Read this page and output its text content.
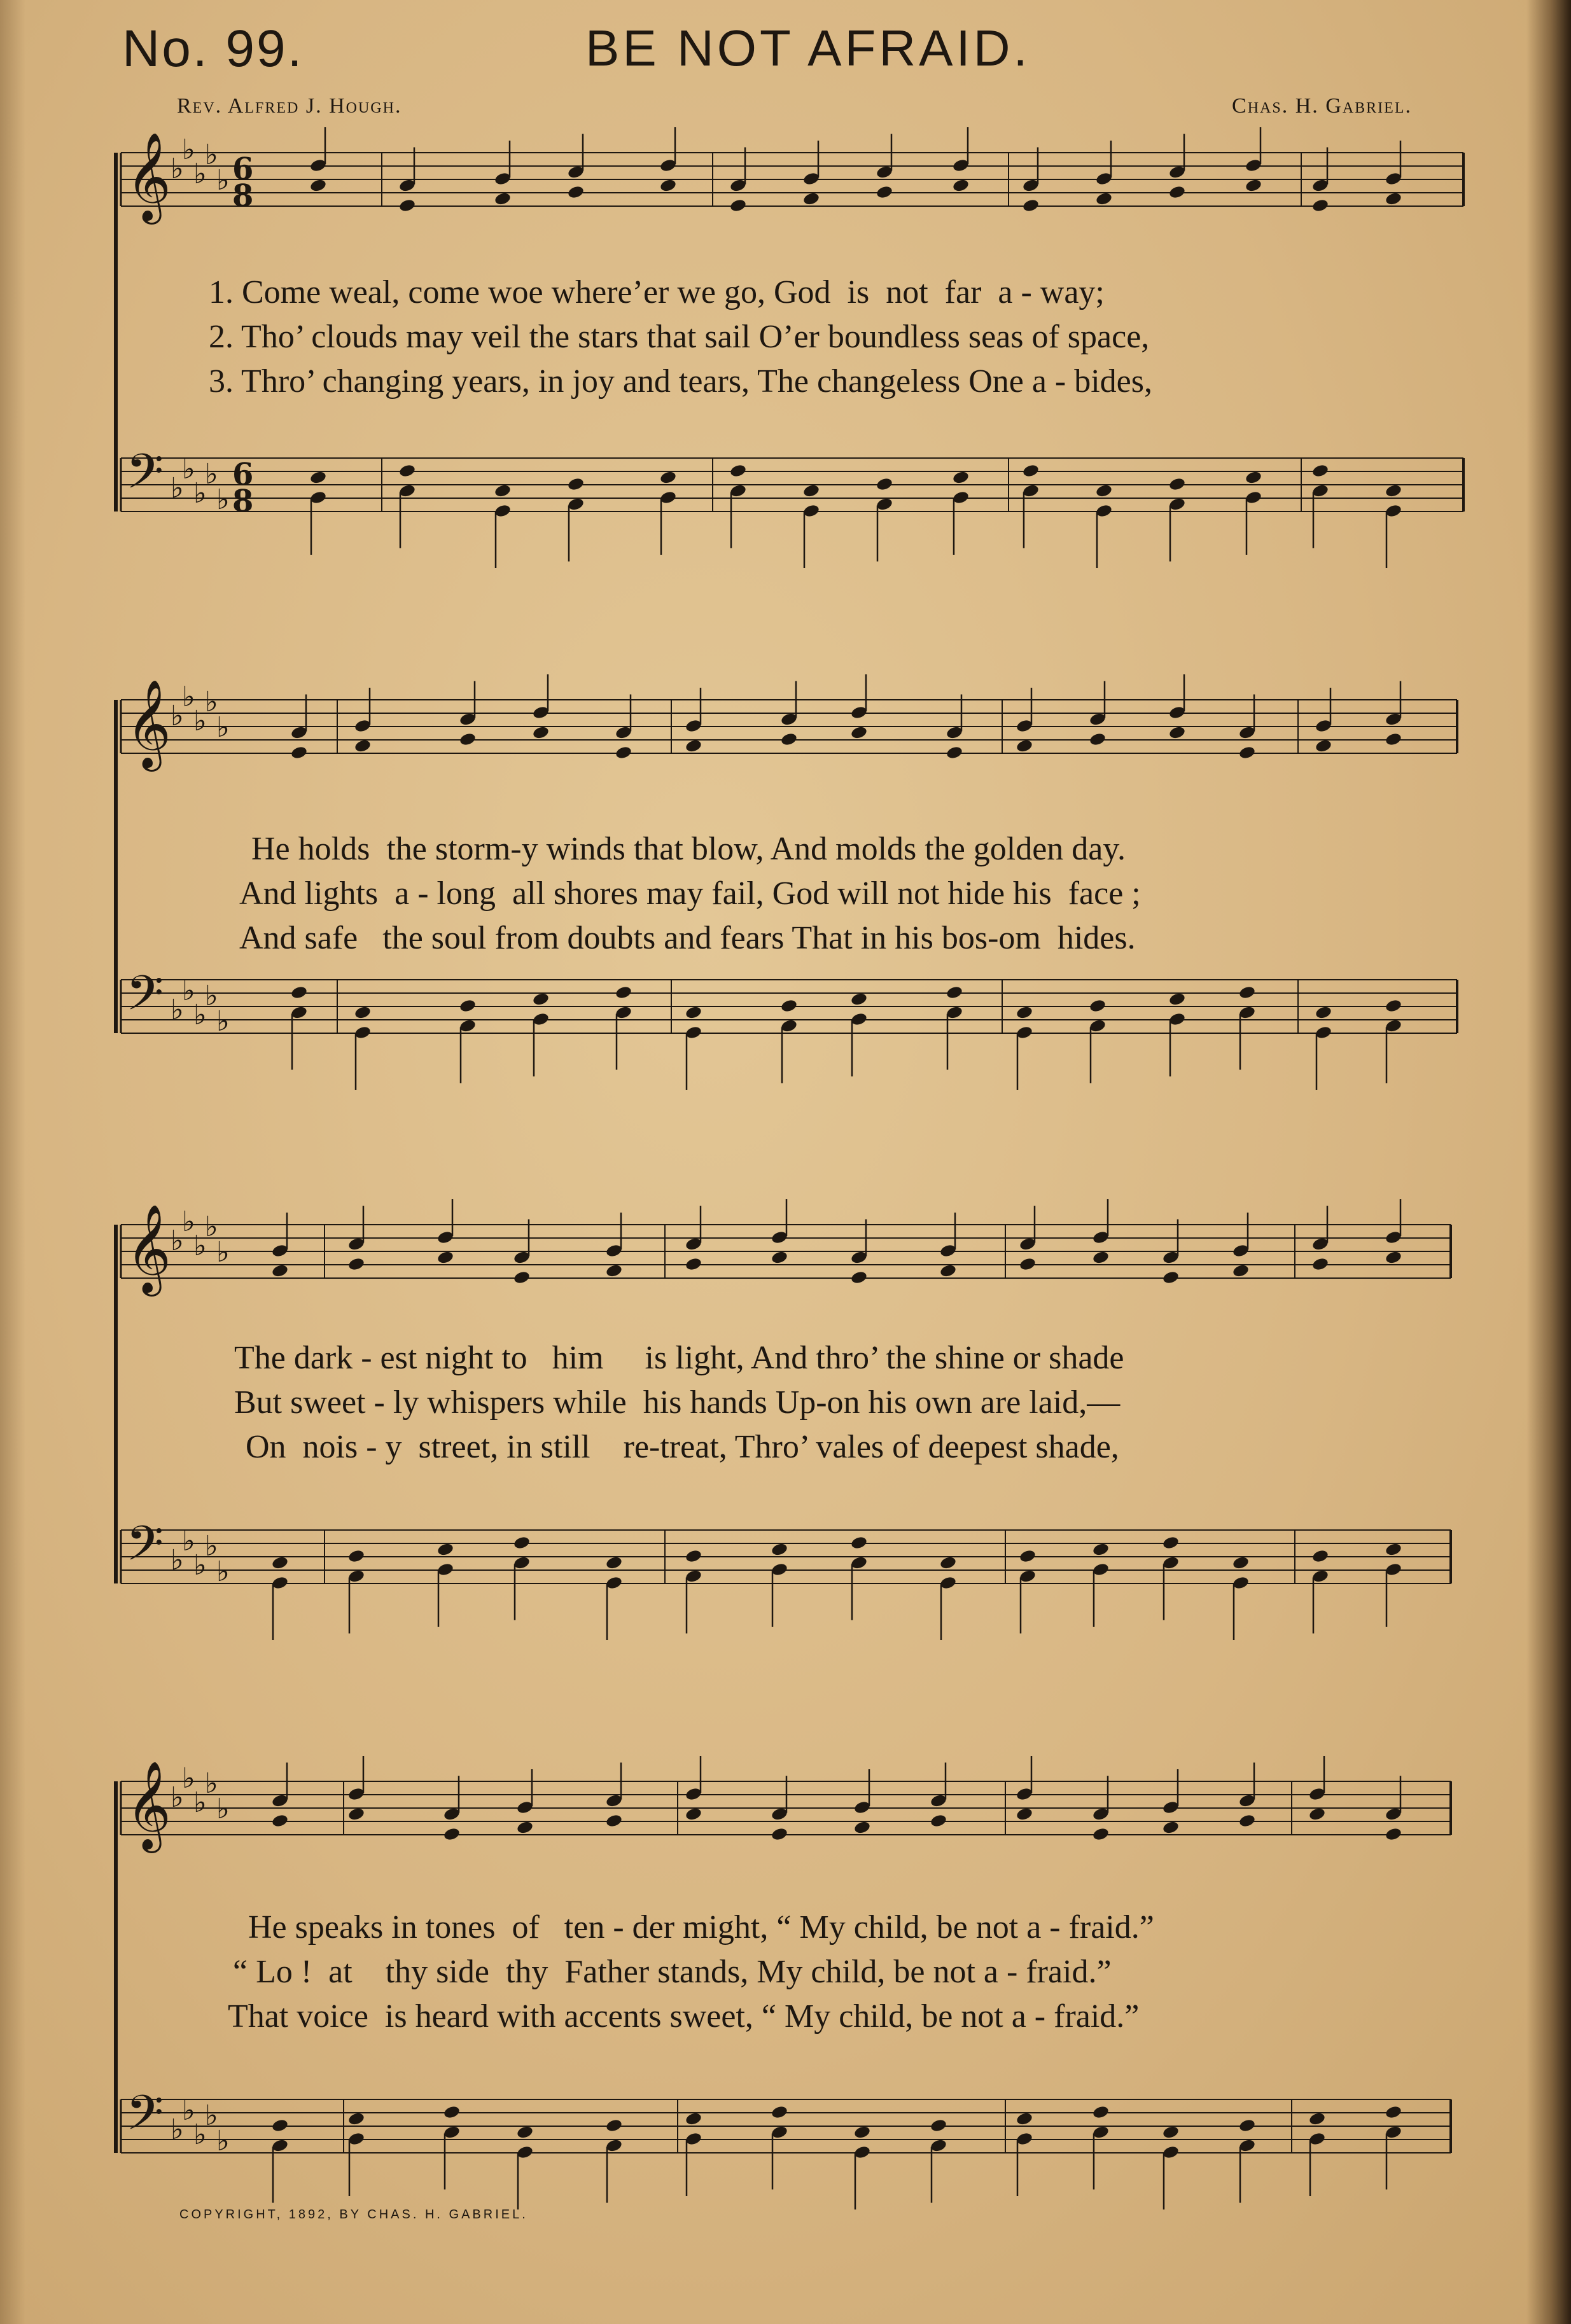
No. 99.	BE NOT AFRAID.
Rev. Alfred J. Hough.	Chas. H. Gabriel.
𝄞 ♭
♭
♭
♭
♭ 6
8
𝄢 ♭
♭
♭
♭
♭
6
8
𝄞 ♭
♭
♭
♭
♭
𝄢 ♭
♭
♭
♭
♭
𝄞 ♭
♭
♭
♭
♭
𝄢 ♭
♭
♭
♭
♭
𝄞 ♭
♭
♭
♭
♭
𝄢 ♭
♭
♭
♭
♭
1. Come weal, come woe where’er we go, God  is  not  far  a - way;
2. Tho’ clouds may veil the stars that sail O’er boundless seas of space,
3. Thro’ changing years, in joy and tears, The changeless One a - bides,
He holds  the storm-y winds that blow, And molds the golden day.
And lights  a - long  all shores may fail, God will not hide his  face ;
And safe   the soul from doubts and fears That in his bos-om  hides.
The dark - est night to   him     is light, And thro’ the shine or shade
But sweet - ly whispers while  his hands Up-on his own are laid,—
On  nois - y  street, in still    re-treat, Thro’ vales of deepest shade,
He speaks in tones  of   ten - der might, “ My child, be not a - fraid.”
“ Lo !  at    thy side  thy  Father stands, My child, be not a - fraid.”
That voice  is heard with accents sweet, “ My child, be not a - fraid.”
COPYRIGHT, 1892, BY CHAS. H. GABRIEL.
